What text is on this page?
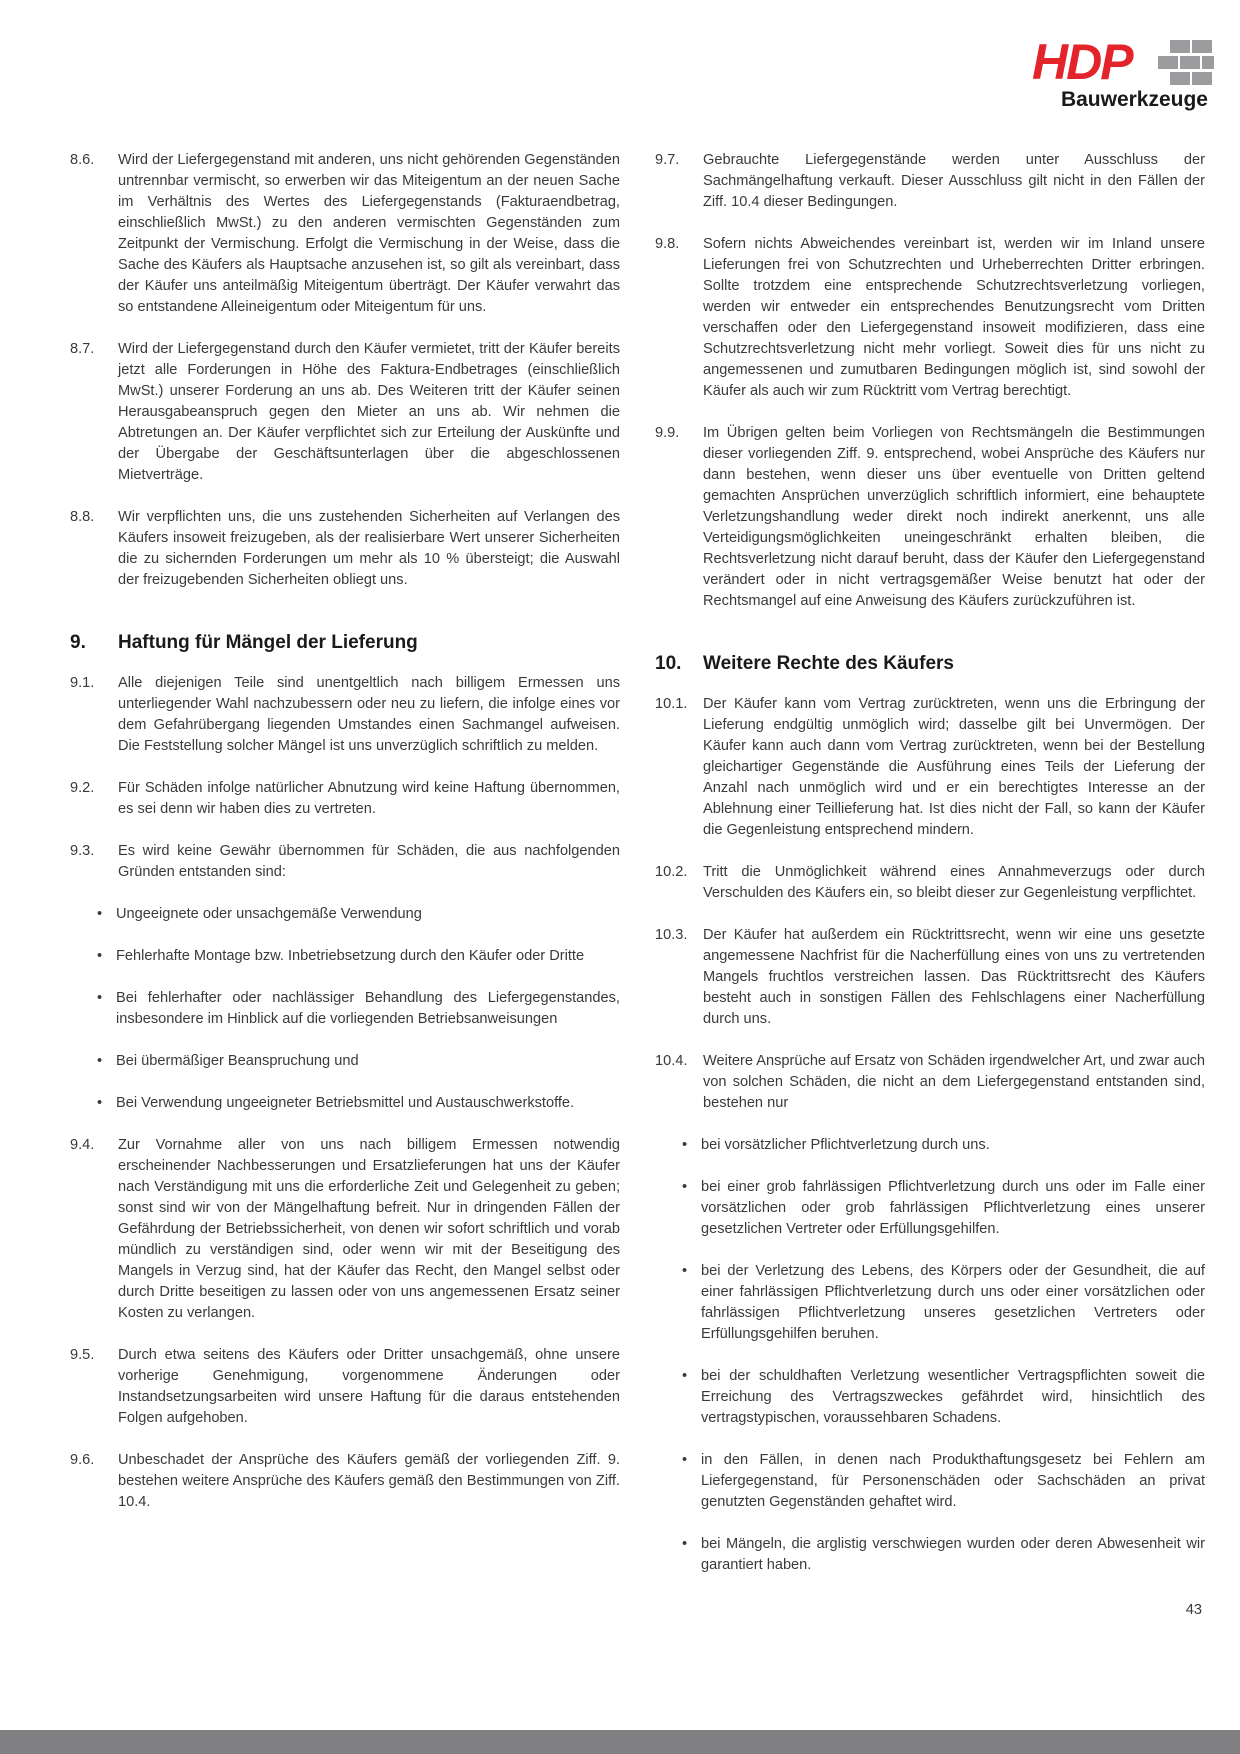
HDP
Bauwerkzeuge
8.6. Wird der Liefergegenstand mit anderen, uns nicht gehörenden Gegenständen untrennbar vermischt, so erwerben wir das Miteigentum an der neuen Sache im Verhältnis des Wertes des Liefergegenstands (Fakturaendbetrag, einschließlich MwSt.) zu den anderen vermischten Gegenständen zum Zeitpunkt der Vermischung. Erfolgt die Vermischung in der Weise, dass die Sache des Käufers als Hauptsache anzusehen ist, so gilt als vereinbart, dass der Käufer uns anteilmäßig Miteigentum überträgt. Der Käufer verwahrt das so entstandene Alleineigentum oder Miteigentum für uns.
8.7. Wird der Liefergegenstand durch den Käufer vermietet, tritt der Käufer bereits jetzt alle Forderungen in Höhe des Faktura-Endbetrages (einschließlich MwSt.) unserer Forderung an uns ab. Des Weiteren tritt der Käufer seinen Herausgabeanspruch gegen den Mieter an uns ab. Wir nehmen die Abtretungen an. Der Käufer verpflichtet sich zur Erteilung der Auskünfte und der Übergabe der Geschäftsunterlagen über die abgeschlossenen Mietverträge.
8.8. Wir verpflichten uns, die uns zustehenden Sicherheiten auf Verlangen des Käufers insoweit freizugeben, als der realisierbare Wert unserer Sicherheiten die zu sichernden Forderungen um mehr als 10 % übersteigt; die Auswahl der freizugebenden Sicherheiten obliegt uns.
9. Haftung für Mängel der Lieferung
9.1. Alle diejenigen Teile sind unentgeltlich nach billigem Ermessen uns unterliegender Wahl nachzubessern oder neu zu liefern, die infolge eines vor dem Gefahrübergang liegenden Umstandes einen Sachmangel aufweisen. Die Feststellung solcher Mängel ist uns unverzüglich schriftlich zu melden.
9.2. Für Schäden infolge natürlicher Abnutzung wird keine Haftung übernommen, es sei denn wir haben dies zu vertreten.
9.3. Es wird keine Gewähr übernommen für Schäden, die aus nachfolgenden Gründen entstanden sind:
• Ungeeignete oder unsachgemäße Verwendung
• Fehlerhafte Montage bzw. Inbetriebsetzung durch den Käufer oder Dritte
• Bei fehlerhafter oder nachlässiger Behandlung des Liefergegenstandes, insbesondere im Hinblick auf die vorliegenden Betriebsanweisungen
• Bei übermäßiger Beanspruchung und
• Bei Verwendung ungeeigneter Betriebsmittel und Austauschwerkstoffe.
9.4. Zur Vornahme aller von uns nach billigem Ermessen notwendig erscheinender Nachbesserungen und Ersatzlieferungen hat uns der Käufer nach Verständigung mit uns die erforderliche Zeit und Gelegenheit zu geben; sonst sind wir von der Mängelhaftung befreit. Nur in dringenden Fällen der Gefährdung der Betriebssicherheit, von denen wir sofort schriftlich und vorab mündlich zu verständigen sind, oder wenn wir mit der Beseitigung des Mangels in Verzug sind, hat der Käufer das Recht, den Mangel selbst oder durch Dritte beseitigen zu lassen oder von uns angemessenen Ersatz seiner Kosten zu verlangen.
9.5. Durch etwa seitens des Käufers oder Dritter unsachgemäß, ohne unsere vorherige Genehmigung, vorgenommene Änderungen oder Instandsetzungsarbeiten wird unsere Haftung für die daraus entstehenden Folgen aufgehoben.
9.6. Unbeschadet der Ansprüche des Käufers gemäß der vorliegenden Ziff. 9. bestehen weitere Ansprüche des Käufers gemäß den Bestimmungen von Ziff. 10.4.
9.7. Gebrauchte Liefergegenstände werden unter Ausschluss der Sachmängelhaftung verkauft. Dieser Ausschluss gilt nicht in den Fällen der Ziff. 10.4 dieser Bedingungen.
9.8. Sofern nichts Abweichendes vereinbart ist, werden wir im Inland unsere Lieferungen frei von Schutzrechten und Urheberrechten Dritter erbringen. Sollte trotzdem eine entsprechende Schutzrechtsverletzung vorliegen, werden wir entweder ein entsprechendes Benutzungsrecht vom Dritten verschaffen oder den Liefergegenstand insoweit modifizieren, dass eine Schutzrechtsverletzung nicht mehr vorliegt. Soweit dies für uns nicht zu angemessenen und zumutbaren Bedingungen möglich ist, sind sowohl der Käufer als auch wir zum Rücktritt vom Vertrag berechtigt.
9.9. Im Übrigen gelten beim Vorliegen von Rechtsmängeln die Bestimmungen dieser vorliegenden Ziff. 9. entsprechend, wobei Ansprüche des Käufers nur dann bestehen, wenn dieser uns über eventuelle von Dritten geltend gemachten Ansprüchen unverzüglich schriftlich informiert, eine behauptete Verletzungshandlung weder direkt noch indirekt anerkennt, uns alle Verteidigungsmöglichkeiten uneingeschränkt erhalten bleiben, die Rechtsverletzung nicht darauf beruht, dass der Käufer den Liefergegenstand verändert oder in nicht vertragsgemäßer Weise benutzt hat oder der Rechtsmangel auf eine Anweisung des Käufers zurückzuführen ist.
10. Weitere Rechte des Käufers
10.1. Der Käufer kann vom Vertrag zurücktreten, wenn uns die Erbringung der Lieferung endgültig unmöglich wird; dasselbe gilt bei Unvermögen. Der Käufer kann auch dann vom Vertrag zurücktreten, wenn bei der Bestellung gleichartiger Gegenstände die Ausführung eines Teils der Lieferung der Anzahl nach unmöglich wird und er ein berechtigtes Interesse an der Ablehnung einer Teillieferung hat. Ist dies nicht der Fall, so kann der Käufer die Gegenleistung entsprechend mindern.
10.2. Tritt die Unmöglichkeit während eines Annahmeverzugs oder durch Verschulden des Käufers ein, so bleibt dieser zur Gegenleistung verpflichtet.
10.3. Der Käufer hat außerdem ein Rücktrittsrecht, wenn wir eine uns gesetzte angemessene Nachfrist für die Nacherfüllung eines von uns zu vertretenden Mangels fruchtlos verstreichen lassen. Das Rücktrittsrecht des Käufers besteht auch in sonstigen Fällen des Fehlschlagens einer Nacherfüllung durch uns.
10.4. Weitere Ansprüche auf Ersatz von Schäden irgendwelcher Art, und zwar auch von solchen Schäden, die nicht an dem Liefergegenstand entstanden sind, bestehen nur
• bei vorsätzlicher Pflichtverletzung durch uns.
• bei einer grob fahrlässigen Pflichtverletzung durch uns oder im Falle einer vorsätzlichen oder grob fahrlässigen Pflichtverletzung eines unserer gesetzlichen Vertreter oder Erfüllungsgehilfen.
• bei der Verletzung des Lebens, des Körpers oder der Gesundheit, die auf einer fahrlässigen Pflichtverletzung durch uns oder einer vorsätzlichen oder fahrlässigen Pflichtverletzung unseres gesetzlichen Vertreters oder Erfüllungsgehilfen beruhen.
• bei der schuldhaften Verletzung wesentlicher Vertragspflichten soweit die Erreichung des Vertragszweckes gefährdet wird, hinsichtlich des vertragstypischen, voraussehbaren Schadens.
• in den Fällen, in denen nach Produkthaftungsgesetz bei Fehlern am Liefergegenstand, für Personenschäden oder Sachschäden an privat genutzten Gegenständen gehaftet wird.
• bei Mängeln, die arglistig verschwiegen wurden oder deren Abwesenheit wir garantiert haben.
43
